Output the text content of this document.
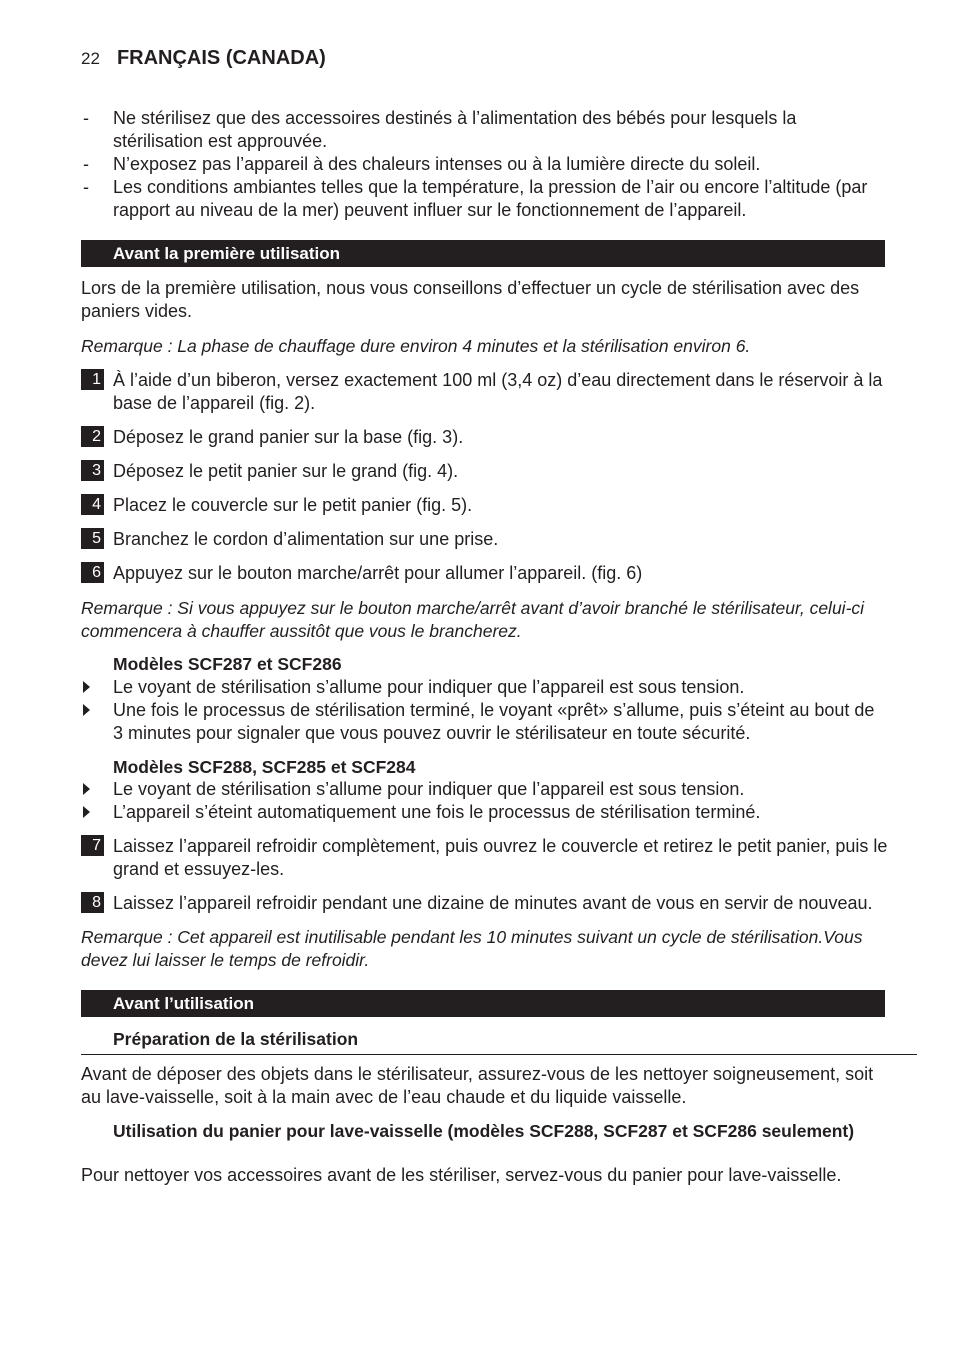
22 FRANÇAIS (CANADA)
- Ne stérilisez que des accessoires destinés à l’alimentation des bébés pour lesquels la stérilisation est approuvée.
- N’exposez pas l’appareil à des chaleurs intenses ou à la lumière directe du soleil.
- Les conditions ambiantes telles que la température, la pression de l’air ou encore l’altitude (par rapport au niveau de la mer) peuvent influer sur le fonctionnement de l’appareil.
Avant la première utilisation
Lors de la première utilisation, nous vous conseillons d’effectuer un cycle de stérilisation avec des paniers vides.
Remarque : La phase de chauffage dure environ 4 minutes et la stérilisation environ 6.
1 À l’aide d’un biberon, versez exactement 100 ml (3,4 oz) d’eau directement dans le réservoir à la base de l’appareil (fig. 2).
2 Déposez le grand panier sur la base (fig. 3).
3 Déposez le petit panier sur le grand (fig. 4).
4 Placez le couvercle sur le petit panier (fig. 5).
5 Branchez le cordon d’alimentation sur une prise.
6 Appuyez sur le bouton marche/arrêt pour allumer l’appareil. (fig. 6)
Remarque : Si vous appuyez sur le bouton marche/arrêt avant d’avoir branché le stérilisateur, celui-ci commencera à chauffer aussitôt que vous le brancherez.
Modèles SCF287 et SCF286
Le voyant de stérilisation s’allume pour indiquer que l’appareil est sous tension.
Une fois le processus de stérilisation terminé, le voyant «prêt» s’allume, puis s’éteint au bout de 3 minutes pour signaler que vous pouvez ouvrir le stérilisateur en toute sécurité.
Modèles SCF288, SCF285 et SCF284
Le voyant de stérilisation s’allume pour indiquer que l’appareil est sous tension.
L’appareil s’éteint automatiquement une fois le processus de stérilisation terminé.
7 Laissez l’appareil refroidir complètement, puis ouvrez le couvercle et retirez le petit panier, puis le grand et essuyez-les.
8 Laissez l’appareil refroidir pendant une dizaine de minutes avant de vous en servir de nouveau.
Remarque : Cet appareil est inutilisable pendant les 10 minutes suivant un cycle de stérilisation.Vous devez lui laisser le temps de refroidir.
Avant l’utilisation
Préparation de la stérilisation
Avant de déposer des objets dans le stérilisateur, assurez-vous de les nettoyer soigneusement, soit au lave-vaisselle, soit à la main avec de l’eau chaude et du liquide vaisselle.
Utilisation du panier pour lave-vaisselle (modèles SCF288, SCF287 et SCF286 seulement)
Pour nettoyer vos accessoires avant de les stériliser, servez-vous du panier pour lave-vaisselle.
